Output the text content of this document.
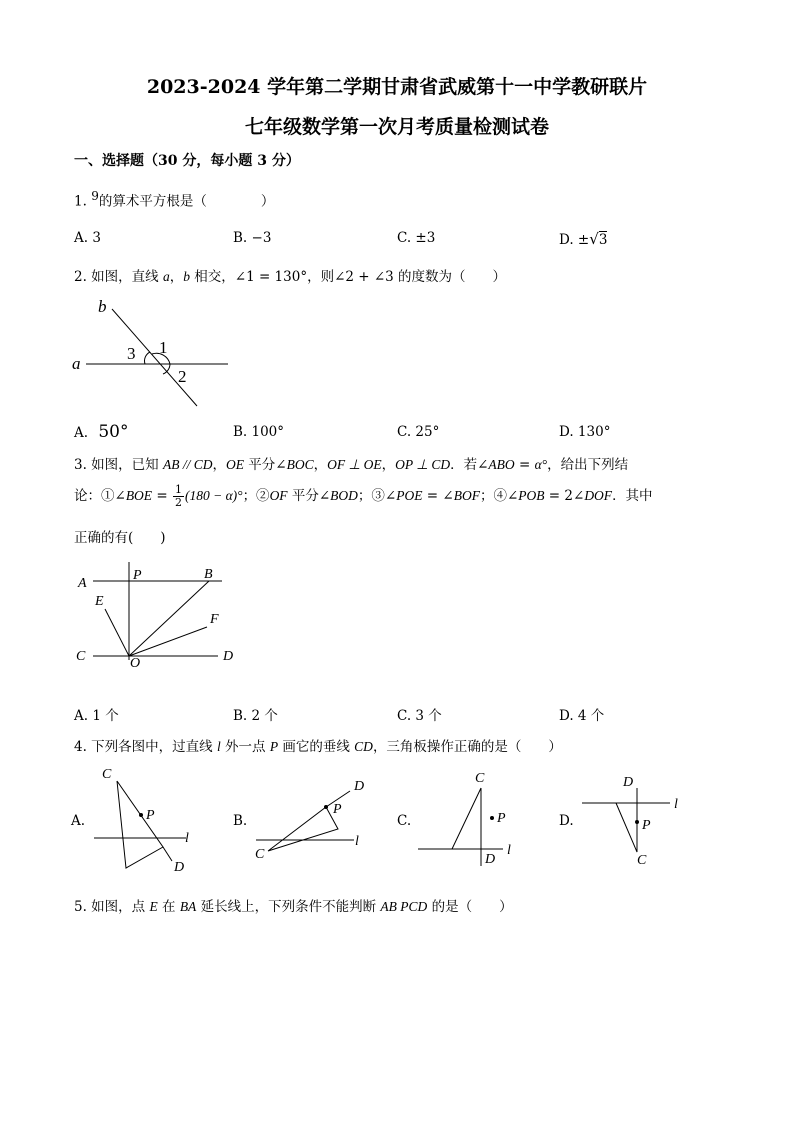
2023-2024 学年第二学期甘肃省武威第十一中学教研联片
七年级数学第一次月考质量检测试卷
一、选择题（30 分，每小题 3 分）
1. $^9$的算术平方根是（　　　　）
A. 3	B. −3	C. ±3	D. ±√3
2. 如图，直线 a，b 相交，∠1 = 130°，则∠2 + ∠3 的度数为（　　）
b
a
1
2
3
A. 50°	B. 100°	C. 25°	D. 130°
3. 如图，已知 AB // CD，OE 平分∠BOC，OF ⊥ OE，OP ⊥ CD．若∠ABO = α°，给出下列结
论：①∠BOE = $\frac{1}{2} (180 - \alpha)^\circ$；②OF 平分∠BOD；③∠POE = ∠BOF；④∠POB = 2∠DOF．其中
正确的有(　　)
A
P	B
E
F
C	O	D
A. 1 个	B. 2 个	C. 3 个	D. 4 个
4. 下列各图中，过直线 l 外一点 P 画它的垂线 CD，三角板操作正确的是（　　）
A.	B.	C.	D.
C
P
l
D
P
D
l
C
C
P
l
D
D
P
l
C
5. 如图，点 E 在 BA 延长线上，下列条件不能判断 AB PCD 的是（　　）
